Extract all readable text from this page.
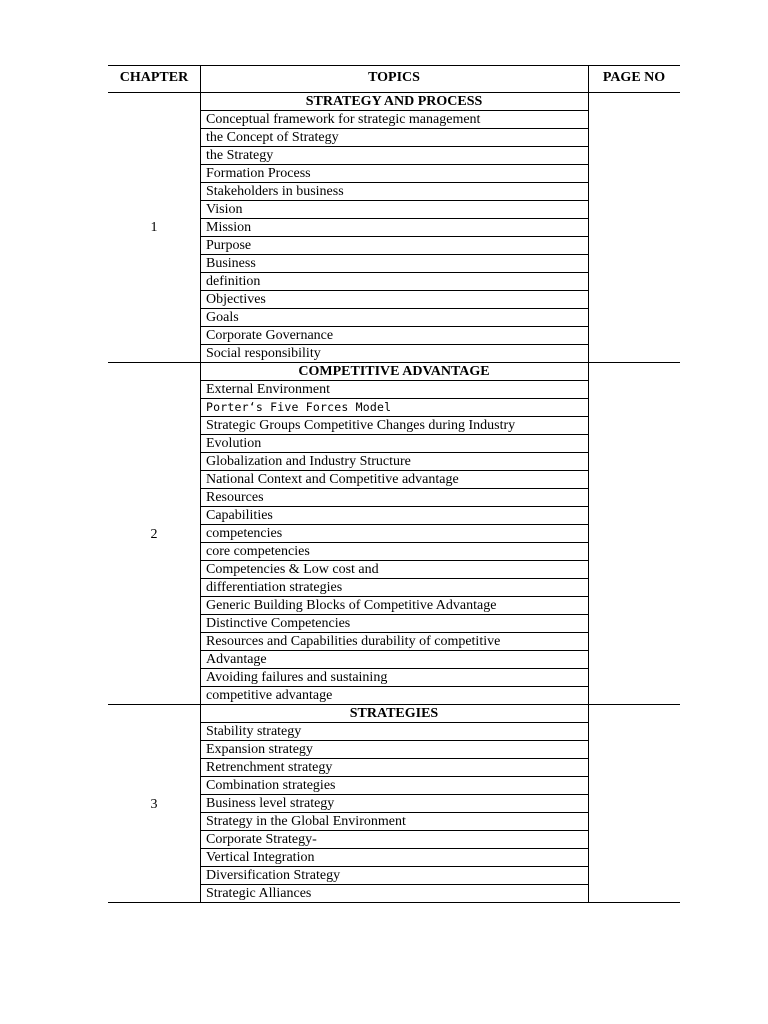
CHAPTER	TOPICS	PAGE NO
1
STRATEGY AND PROCESS
Conceptual framework for strategic management
the Concept of Strategy
the Strategy
Formation Process
Stakeholders in business
Vision
Mission
Purpose
Business
definition
Objectives
Goals
Corporate Governance
Social responsibility
2
COMPETITIVE ADVANTAGE
External Environment
Porter‘s Five Forces Model
Strategic Groups Competitive Changes during Industry
Evolution
Globalization and Industry Structure
National Context and Competitive advantage
Resources
Capabilities
competencies
core competencies
Competencies & Low cost and
differentiation strategies
Generic Building Blocks of Competitive Advantage
Distinctive Competencies
Resources and Capabilities durability of competitive
Advantage
Avoiding failures and sustaining
competitive advantage
3
STRATEGIES
Stability strategy
Expansion strategy
Retrenchment strategy
Combination strategies
Business level strategy
Strategy in the Global Environment
Corporate Strategy-
Vertical Integration
Diversification Strategy
Strategic Alliances
